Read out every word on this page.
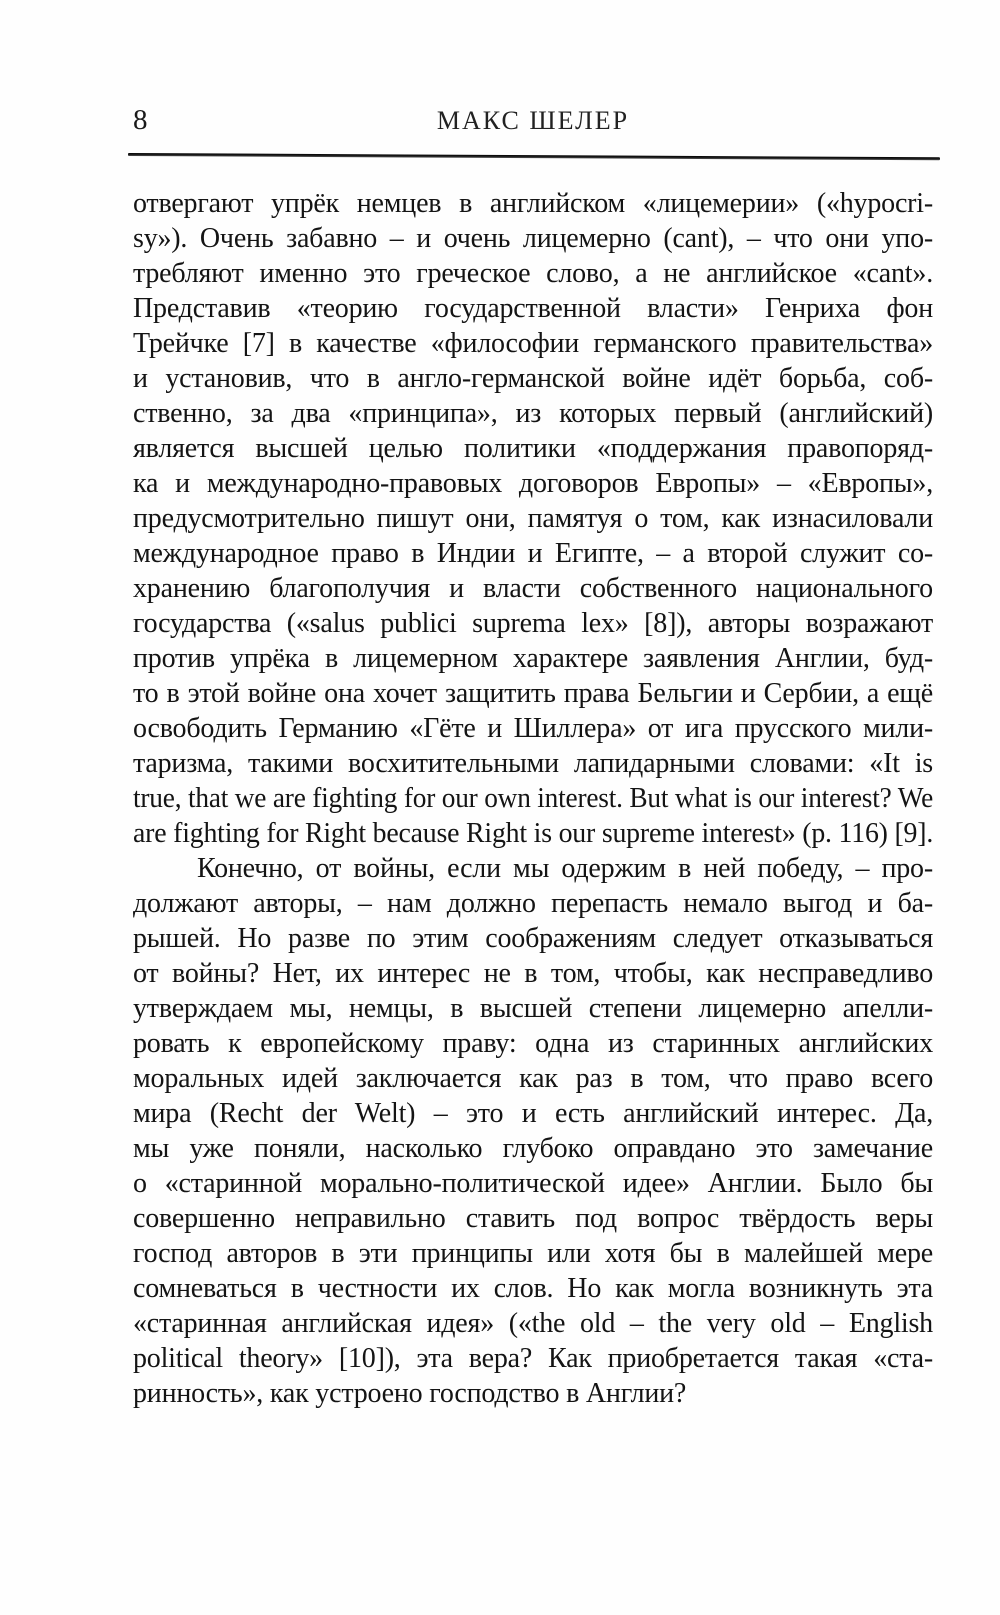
8	МАКС ШЕЛЕР
отвергают упрёк немцев в английском «лицемерии» («hypocri-
sy»). Очень забавно – и очень лицемерно (cant), – что они упо-
требляют именно это греческое слово, а не английское «cant».
Представив «теорию государственной власти» Генриха фон
Трейчке [7] в качестве «философии германского правительства»
и установив, что в англо-германской войне идёт борьба, соб-
ственно, за два «принципа», из которых первый (английский)
является высшей целью политики «поддержания правопоряд-
ка и международно-правовых договоров Европы» – «Европы»,
предусмотрительно пишут они, памятуя о том, как изнасиловали
международное право в Индии и Египте, – а второй служит со-
хранению благополучия и власти собственного национального
государства («salus publici suprema lex» [8]), авторы возражают
против упрёка в лицемерном характере заявления Англии, буд-
то в этой войне она хочет защитить права Бельгии и Сербии, а ещё
освободить Германию «Гёте и Шиллера» от ига прусского мили-
таризма, такими восхитительными лапидарными словами: «It is
true, that we are fighting for our own interest. But what is our interest? We
are fighting for Right because Right is our supreme interest» (p. 116) [9].
Конечно, от войны, если мы одержим в ней победу, – про-
должают авторы, – нам должно перепасть немало выгод и ба-
рышей. Но разве по этим соображениям следует отказываться
от войны? Нет, их интерес не в том, чтобы, как несправедливо
утверждаем мы, немцы, в высшей степени лицемерно апелли-
ровать к европейскому праву: одна из старинных английских
моральных идей заключается как раз в том, что право всего
мира (Recht der Welt) – это и есть английский интерес. Да,
мы уже поняли, насколько глубоко оправдано это замечание
о «старинной морально-политической идее» Англии. Было бы
совершенно неправильно ставить под вопрос твёрдость веры
господ авторов в эти принципы или хотя бы в малейшей мере
сомневаться в честности их слов. Но как могла возникнуть эта
«старинная английская идея» («the old – the very old – English
political theory» [10]), эта вера? Как приобретается такая «ста-
ринность», как устроено господство в Англии?
